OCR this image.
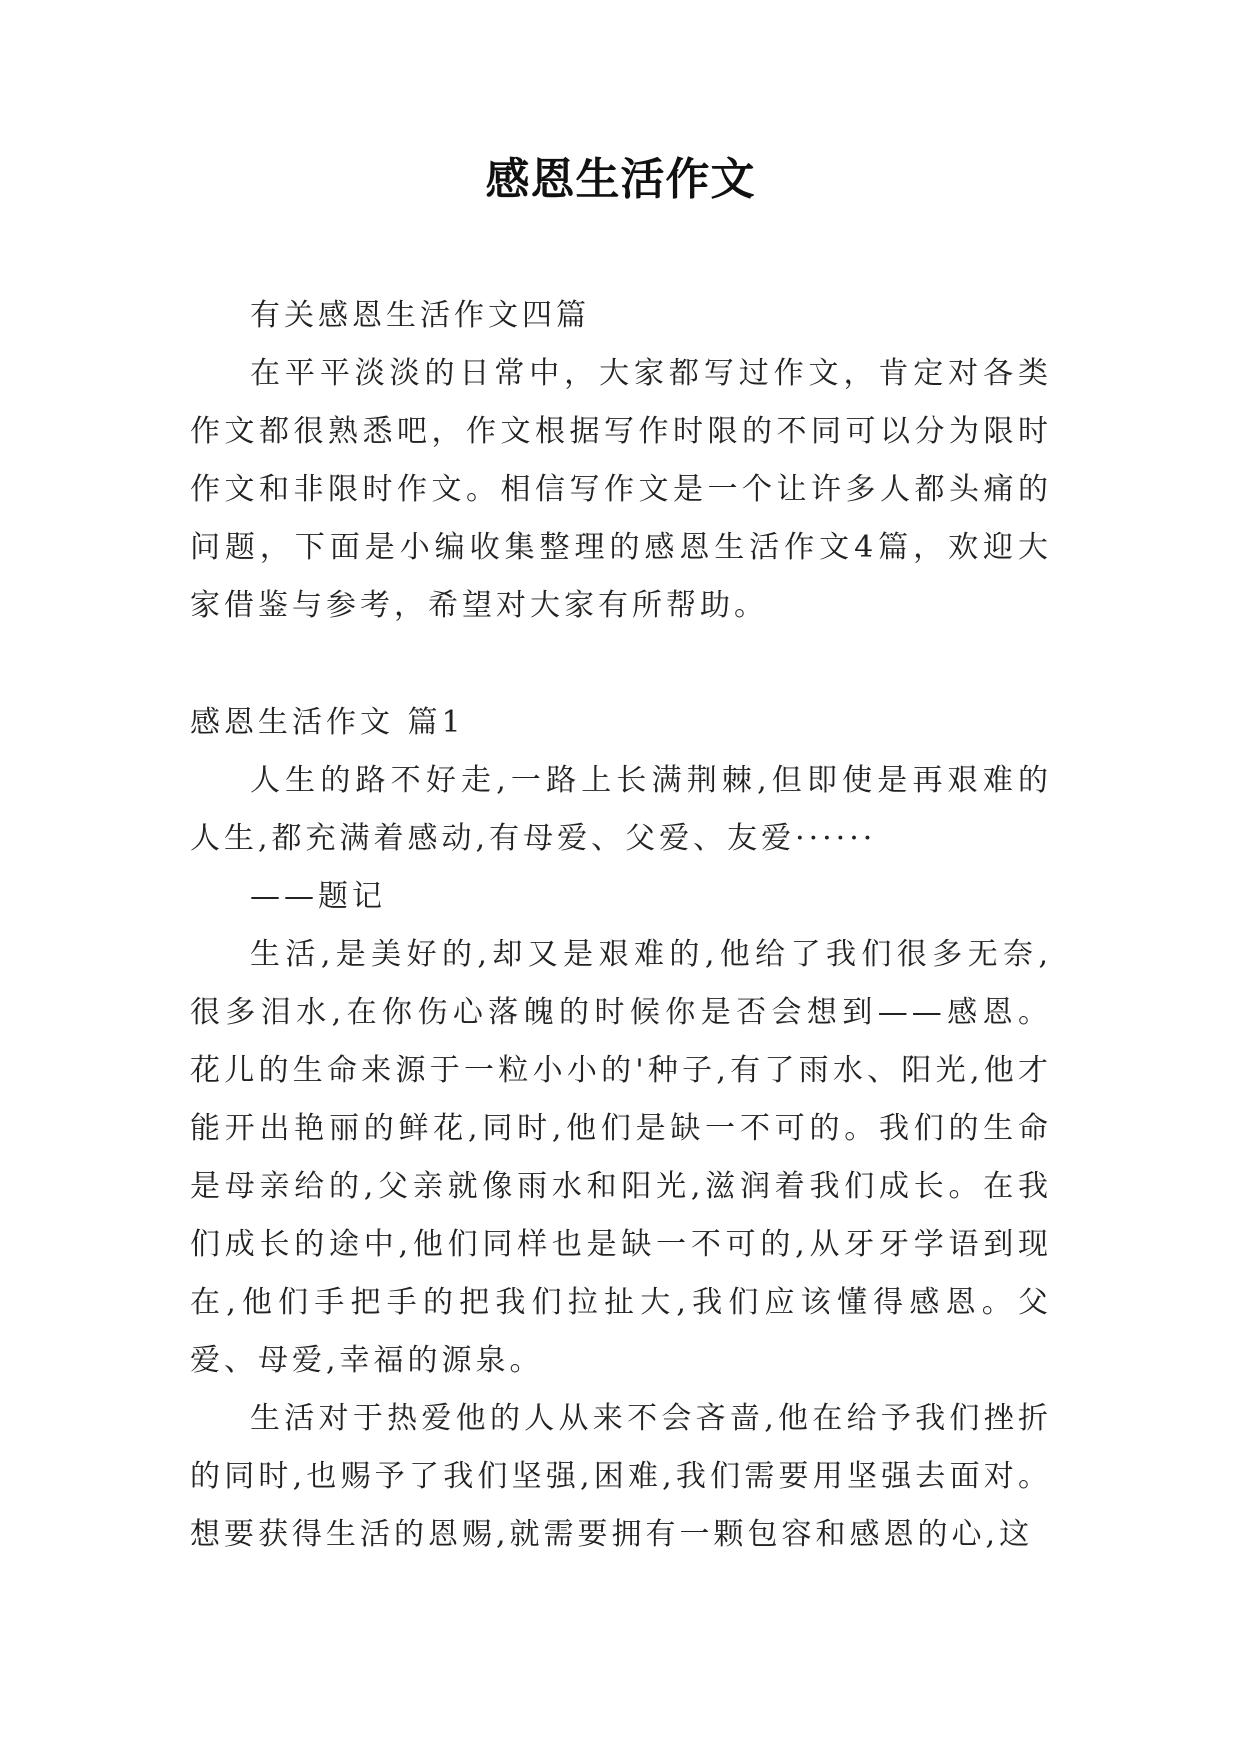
感恩生活作文

有关感恩生活作文四篇

在平平淡淡的日常中，大家都写过作文，肯定对各类作文都很熟悉吧，作文根据写作时限的不同可以分为限时作文和非限时作文。相信写作文是一个让许多人都头痛的问题，下面是小编收集整理的感恩生活作文4篇，欢迎大家借鉴与参考，希望对大家有所帮助。

感恩生活作文 篇1

人生的路不好走,一路上长满荆棘,但即使是再艰难的人生,都充满着感动,有母爱、父爱、友爱······

——题记

生活,是美好的,却又是艰难的,他给了我们很多无奈,很多泪水,在你伤心落魄的时候你是否会想到——感恩。花儿的生命来源于一粒小小的'种子,有了雨水、阳光,他才能开出艳丽的鲜花,同时,他们是缺一不可的。我们的生命是母亲给的,父亲就像雨水和阳光,滋润着我们成长。在我们成长的途中,他们同样也是缺一不可的,从牙牙学语到现在,他们手把手的把我们拉扯大,我们应该懂得感恩。父爱、母爱,幸福的源泉。

生活对于热爱他的人从来不会吝啬,他在给予我们挫折的同时,也赐予了我们坚强,困难,我们需要用坚强去面对。想要获得生活的恩赐,就需要拥有一颗包容和感恩的心,这
